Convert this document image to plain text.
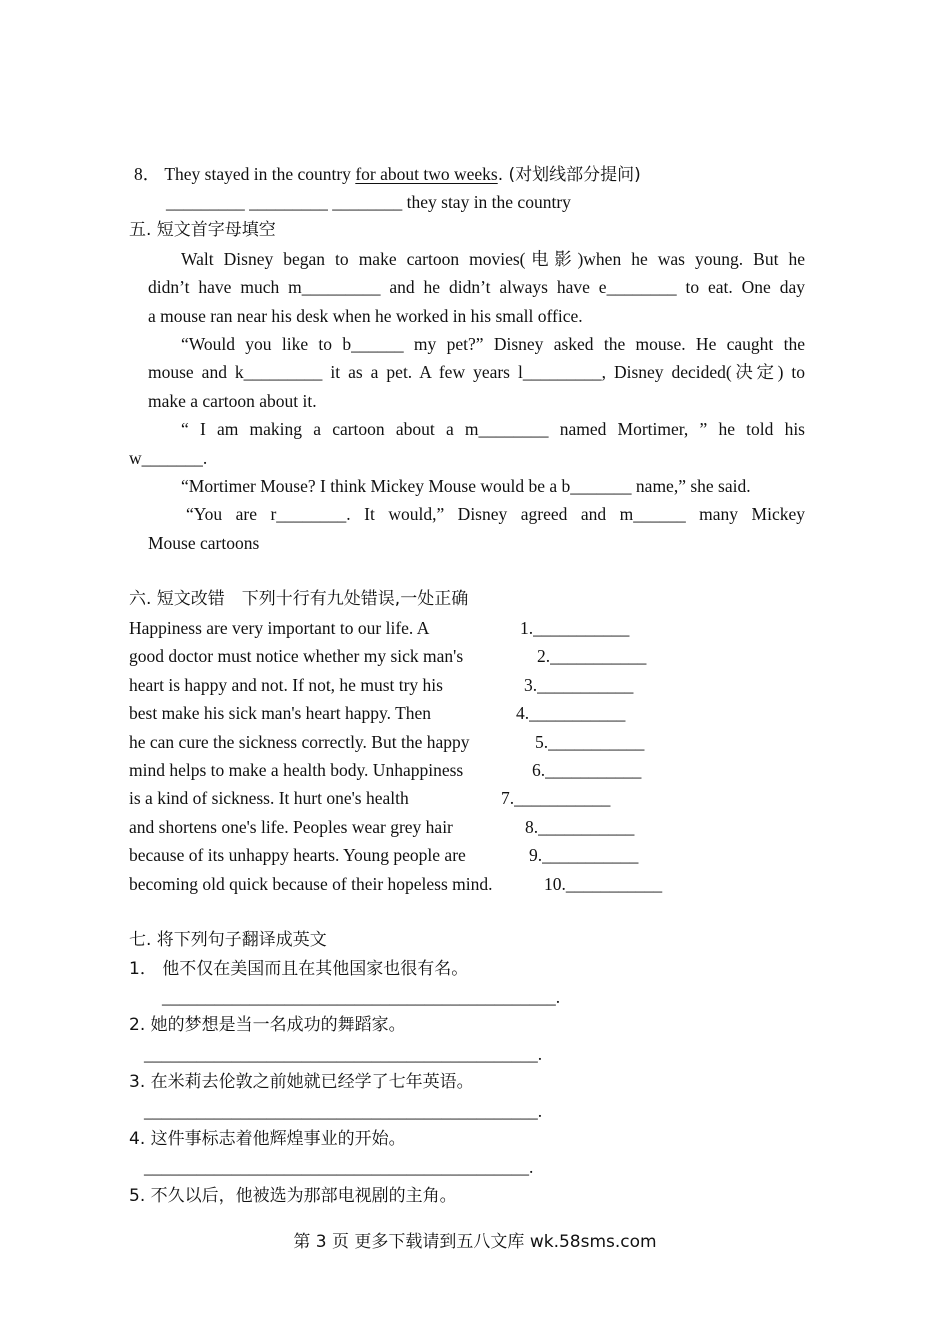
8． They stayed in the country for about two weeks. (对划线部分提问)
_________ _________ ________ they stay in the country
五. 短文首字母填空
Walt Disney began to make cartoon movies(电影)when he was young. But he
didn’t have much m_________ and he didn’t always have e________ to eat. One day
a mouse ran near his desk when he worked in his small office.
“Would you like to b______ my pet?” Disney asked the mouse. He caught the
mouse and k_________ it as a pet. A few years l_________, Disney decided(决定) to
make a cartoon about it.
“ I am making a cartoon about a m________ named Mortimer, ” he told his
w_______.
“Mortimer Mouse? I think Mickey Mouse would be a b_______ name,” she said.
“You are r________. It would,” Disney agreed and m______ many Mickey
Mouse cartoons
六. 短文改错　下列十行有九处错误,一处正确
Happiness are very important to our life. A	1.___________
good doctor must notice whether my sick man's	2.___________
heart is happy and not. If not, he must try his	3.___________
best make his sick man's heart happy. Then	4.___________
he can cure the sickness correctly. But the happy	5.___________
mind helps to make a health body. Unhappiness	6.___________
is a kind of sickness. It hurt one's health	7.___________
and shortens one's life. Peoples wear grey hair	8.___________
because of its unhappy hearts. Young people are	9.___________
becoming old quick because of their hopeless mind.	10.___________
七. 将下列句子翻译成英文
1． 他不仅在美国而且在其他国家也很有名。
_____________________________________________.
2. 她的梦想是当一名成功的舞蹈家。
_____________________________________________.
3. 在米莉去伦敦之前她就已经学了七年英语。
_____________________________________________.
4. 这件事标志着他辉煌事业的开始。
____________________________________________.
5. 不久以后，他被选为那部电视剧的主角。
第 3 页 更多下载请到五八文库 wk.58sms.com
